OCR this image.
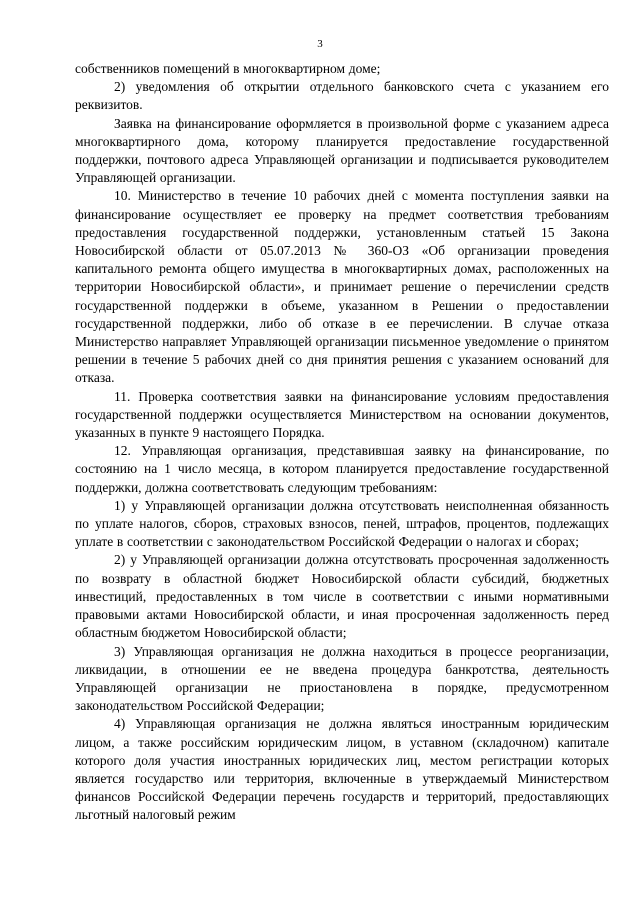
3

собственников помещений в многоквартирном доме;

2) уведомления об открытии отдельного банковского счета с указанием его реквизитов.

Заявка на финансирование оформляется в произвольной форме с указанием адреса многоквартирного дома, которому планируется предоставление государственной поддержки, почтового адреса Управляющей организации и подписывается руководителем Управляющей организации.

10. Министерство в течение 10 рабочих дней с момента поступления заявки на финансирование осуществляет ее проверку на предмет соответствия требованиям предоставления государственной поддержки, установленным статьей 15 Закона Новосибирской области от 05.07.2013 № 360-ОЗ «Об организации проведения капитального ремонта общего имущества в многоквартирных домах, расположенных на территории Новосибирской области», и принимает решение о перечислении средств государственной поддержки в объеме, указанном в Решении о предоставлении государственной поддержки, либо об отказе в ее перечислении. В случае отказа Министерство направляет Управляющей организации письменное уведомление о принятом решении в течение 5 рабочих дней со дня принятия решения с указанием оснований для отказа.

11. Проверка соответствия заявки на финансирование условиям предоставления государственной поддержки осуществляется Министерством на основании документов, указанных в пункте 9 настоящего Порядка.

12. Управляющая организация, представившая заявку на финансирование, по состоянию на 1 число месяца, в котором планируется предоставление государственной поддержки, должна соответствовать следующим требованиям:

1) у Управляющей организации должна отсутствовать неисполненная обязанность по уплате налогов, сборов, страховых взносов, пеней, штрафов, процентов, подлежащих уплате в соответствии с законодательством Российской Федерации о налогах и сборах;

2) у Управляющей организации должна отсутствовать просроченная задолженность по возврату в областной бюджет Новосибирской области субсидий, бюджетных инвестиций, предоставленных в том числе в соответствии с иными нормативными правовыми актами Новосибирской области, и иная просроченная задолженность перед областным бюджетом Новосибирской области;

3) Управляющая организация не должна находиться в процессе реорганизации, ликвидации, в отношении ее не введена процедура банкротства, деятельность Управляющей организации не приостановлена в порядке, предусмотренном законодательством Российской Федерации;

4) Управляющая организация не должна являться иностранным юридическим лицом, а также российским юридическим лицом, в уставном (складочном) капитале которого доля участия иностранных юридических лиц, местом регистрации которых является государство или территория, включенные в утверждаемый Министерством финансов Российской Федерации перечень государств и территорий, предоставляющих льготный налоговый режим
